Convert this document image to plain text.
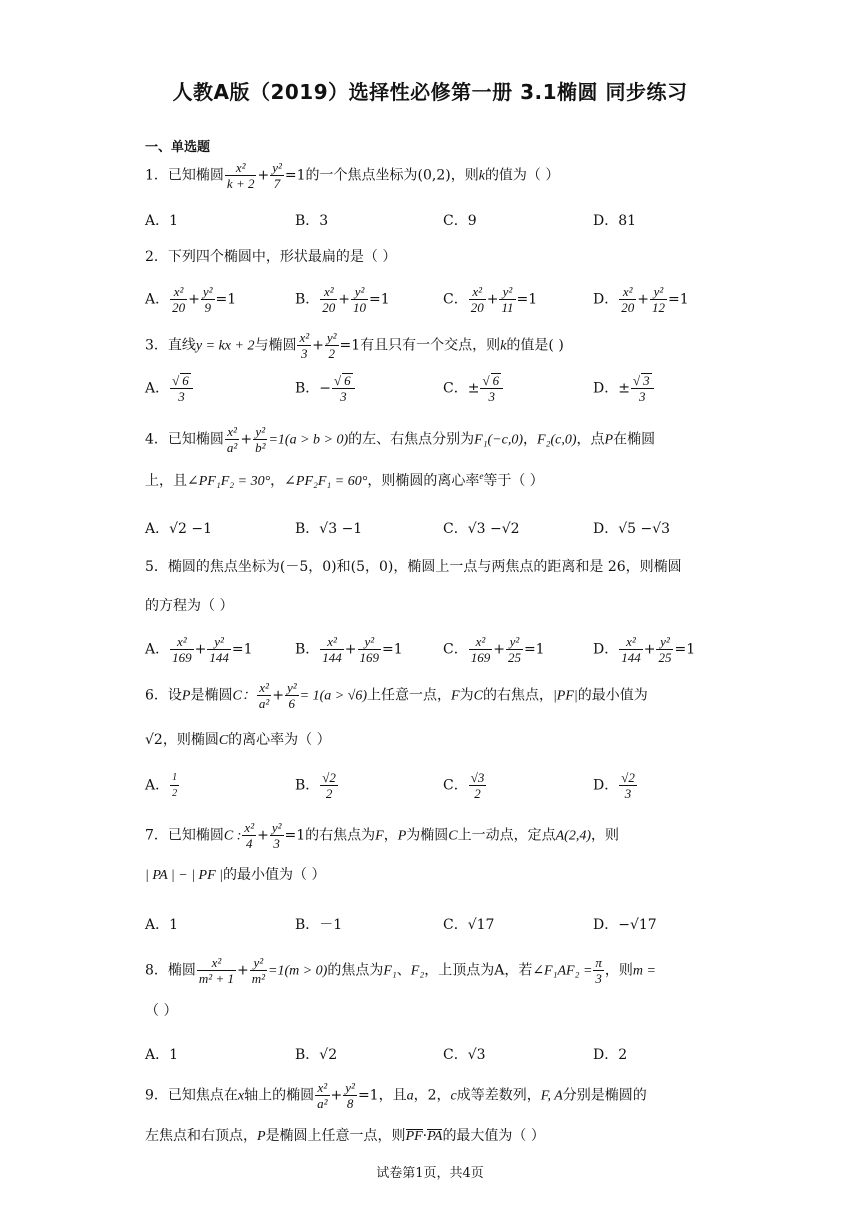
人教A版（2019）选择性必修第一册 3.1椭圆 同步练习
一、单选题
1．已知椭圆 $\frac{\text{x²}}{k + 2} + \frac{\text{y²}}{7} =1$的一个焦点坐标为(0,2)，则k的值为（ ）
A．1	B．3	C．9	D．81
2．下列四个椭圆中，形状最扁的是（ ）
A． $\frac{\text{x²}}{20} + \frac{\text{y²}}{9} =1$	B． $\frac{\text{x²}}{20} + \frac{\text{y²}}{10} =1$	C． $\frac{\text{x²}}{20} + \frac{\text{y²}}{11} =1$	D． $\frac{\text{x²}}{20} + \frac{\text{y²}}{12} =1$
3．直线y = kx + 2与椭圆 $\frac{\text{x²}}{3} + \frac{\text{y²}}{2} =1$有且只有一个交点，则k的值是( )
A． $\frac{√ 6}{3}$	B．− $\frac{√ 6}{3}$	C．± $\frac{√ 6}{3}$	D．± $\frac{√ 3}{3}$
4．已知椭圆 $\frac{\text{x²}}{\text{a²}} + \frac{\text{y²}}{\text{b²}} =1(a > b > 0)$的左、右焦点分别为F₁(−c,0)，F₂(c,0)，点P在椭圆
上，且∠PF₁F₂ = 30°，∠PF₂F₁ = 60°，则椭圆的离心率$^e$等于（ ）
A．√2 −1	B．√3 −1	C．√3 −√2	D．√5 −√3
5．椭圆的焦点坐标为(－5，0)和(5，0)，椭圆上一点与两焦点的距离和是 26，则椭圆
的方程为（ ）
A． $\frac{\text{x²}}{169} + \frac{\text{y²}}{144} =1$	B． $\frac{\text{x²}}{144} + \frac{\text{y²}}{169} =1$	C． $\frac{\text{x²}}{169} + \frac{\text{y²}}{25} =1$	D． $\frac{\text{x²}}{144} + \frac{\text{y²}}{25} =1$
6．设P是椭圆C： $\frac{\text{x²}}{\text{a²}} + \frac{\text{y²}}{6} = 1(a > √6)$上任意一点，F为C的右焦点，|PF|的最小值为
√2，则椭圆C的离心率为（ ）
A． $\frac{1}{2}$	B． $\frac{√2}{2}$	C． $\frac{√3}{2}$	D． $\frac{√2}{3}$
7．已知椭圆C : $\frac{\text{x²}}{4} + \frac{\text{y²}}{3} =1$的右焦点为F，P为椭圆C上一动点，定点A(2,4)，则
| PA | − | PF |的最小值为（ ）
A．1	B．－1	C．√17	D．−√17
8．椭圆 $\frac{\text{x²}}{\text{m² + 1}} + \frac{\text{y²}}{\text{m²}} =1(m > 0)$的焦点为F₁、F₂，上顶点为A，若∠F₁AF₂ = $\frac{\pi}{3}$ ，则m =
（ ）
A．1	B．√2	C．√3	D．2
9．已知焦点在x轴上的椭圆 $\frac{\text{x²}}{\text{a²}} + \frac{\text{y²}}{8} =1$，且a，2，c成等差数列，F, A分别是椭圆的
左焦点和右顶点，P是椭圆上任意一点，则PF·PA的最大值为（ ）
试卷第1页，共4页
